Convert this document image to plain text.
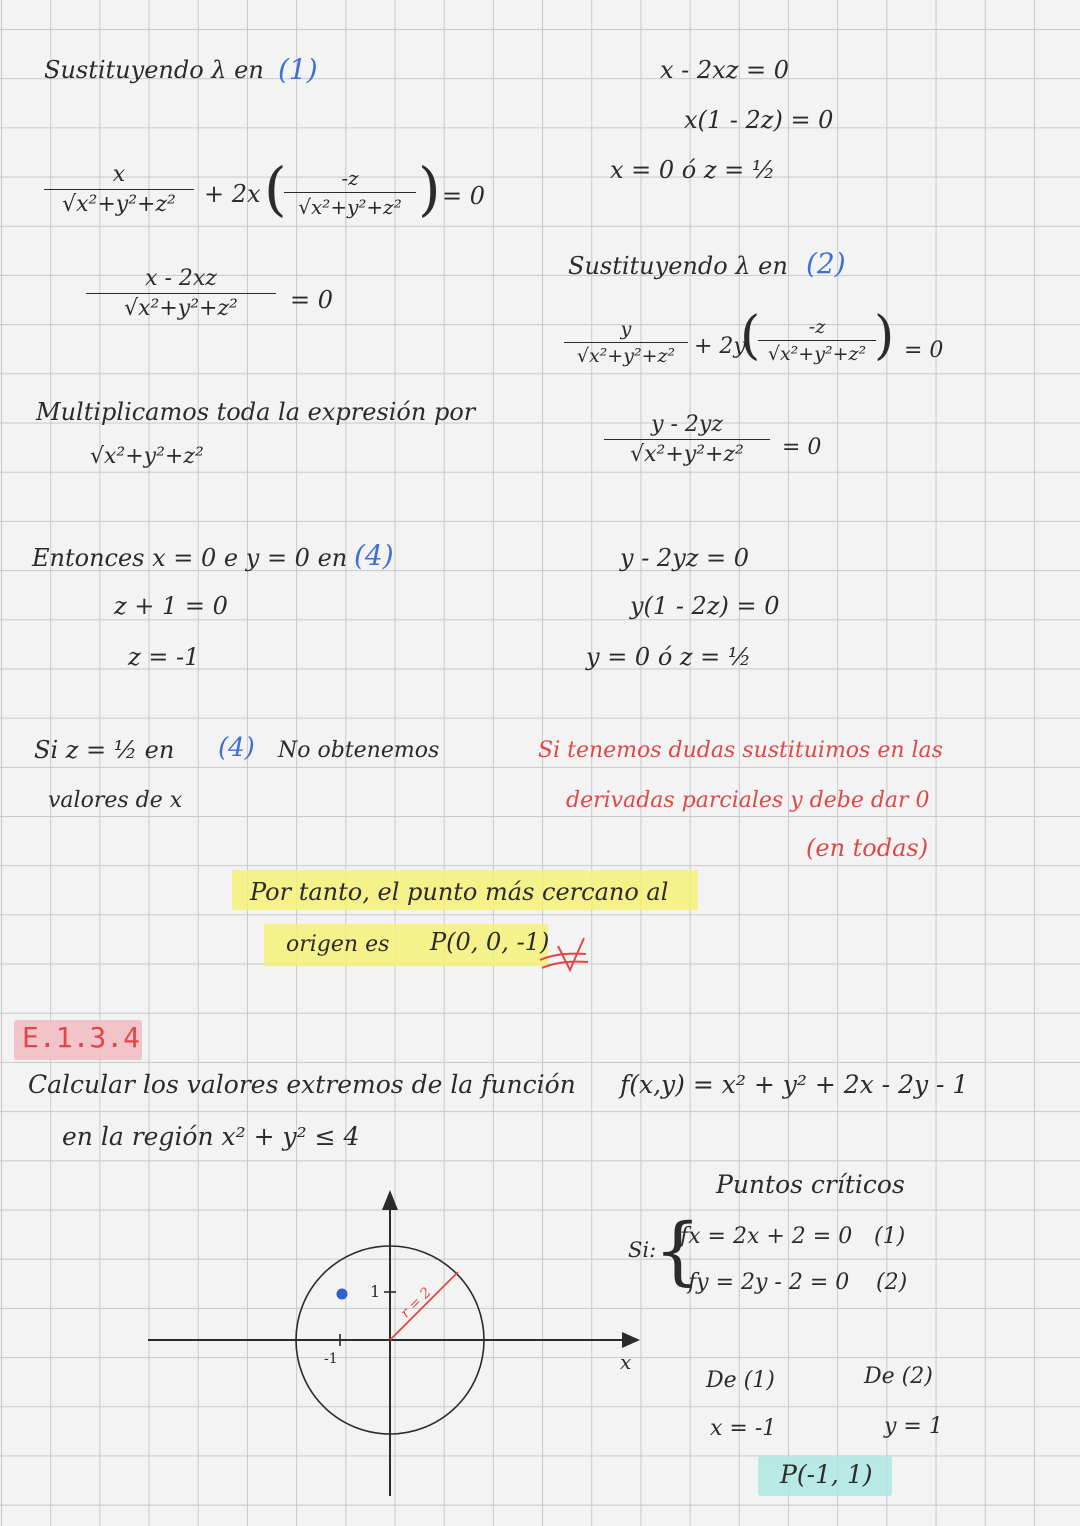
Sustituyendo λ en (1)
x
√x²+y²+z²	+ 2x (	-z
√x²+y²+z² ) = 0
x - 2xz
√x²+y²+z²	= 0
Multiplicamos toda la expresión por
√x²+y²+z²
Entonces x = 0 e y = 0 en (4)
z + 1 = 0
z = -1
Si z = ½ en (4) No obtenemos
valores de x
x - 2xz = 0
x(1 - 2z) = 0
x = 0 ó z = ½
Sustituyendo λ en (2)
y
√x²+y²+z² + 2y
(	-z
√x²+y²+z² ) = 0
y - 2yz
√x²+y²+z²	= 0
y - 2yz = 0
y(1 - 2z) = 0
y = 0 ó z = ½
Si tenemos dudas sustituimos en las
derivadas parciales y debe dar 0
(en todas)
Por tanto, el punto más cercano al
origen es P(0, 0, -1)
E.1.3.4
Calcular los valores extremos de la función f(x,y) = x² + y² + 2x - 2y - 1
en la región x² + y² ≤ 4
1
-1
r = 2
x
Puntos críticos
Si:
{
fx = 2x + 2 = 0 (1)
fy = 2y - 2 = 0 (2)
De (1)	De (2)
x = -1	y = 1
P(-1, 1)
